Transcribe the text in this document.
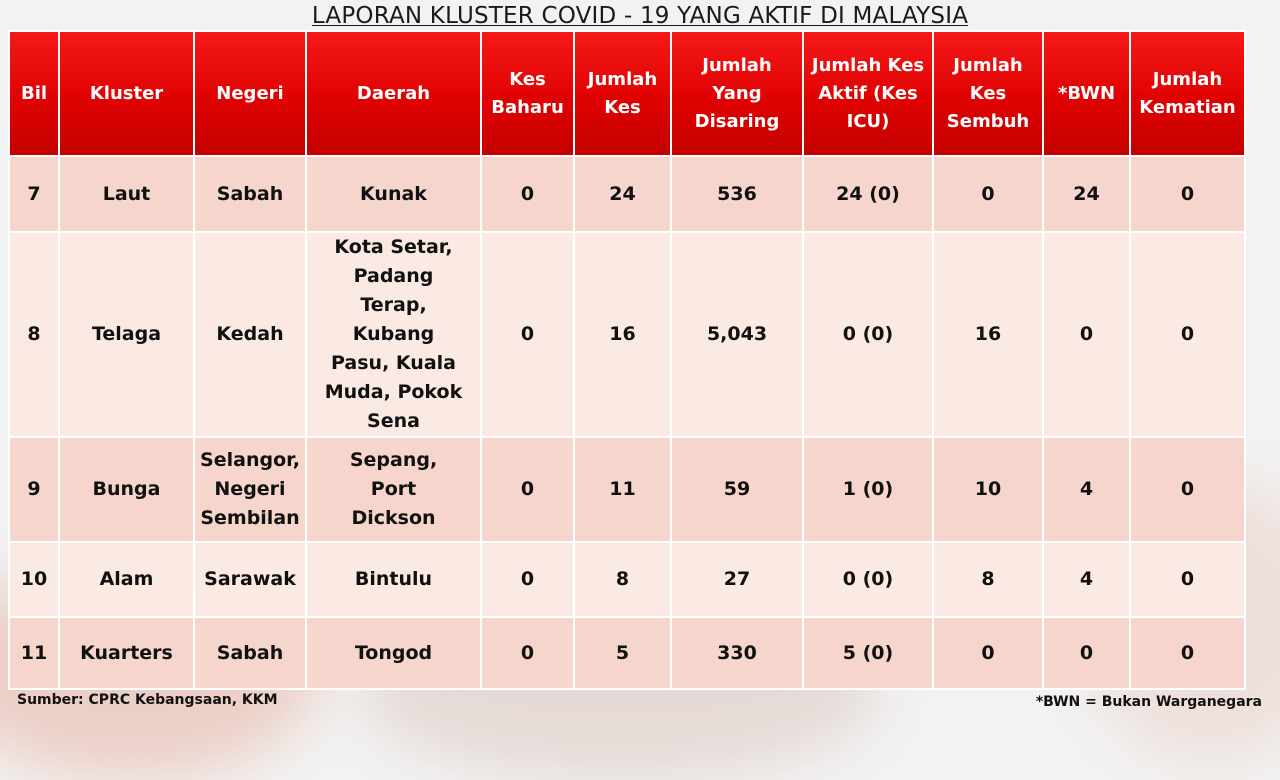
LAPORAN KLUSTER COVID - 19 YANG AKTIF DI MALAYSIA
Bil	Kluster	Negeri	Daerah	Kes Baharu	Jumlah Kes	Jumlah Yang Disaring	Jumlah Kes Aktif (Kes ICU)	Jumlah Kes Sembuh	*BWN	Jumlah Kematian
7	Laut	Sabah	Kunak	0	24	536	24 (0)	0	24	0
8	Telaga	Kedah	Kota Setar, Padang Terap, Kubang Pasu, Kuala Muda, Pokok Sena	0	16	5,043	0 (0)	16	0	0
9	Bunga	Selangor, Negeri Sembilan	Sepang, Port Dickson	0	11	59	1 (0)	10	4	0
10	Alam	Sarawak	Bintulu	0	8	27	0 (0)	8	4	0
11	Kuarters	Sabah	Tongod	0	5	330	5 (0)	0	0	0
Sumber: CPRC Kebangsaan, KKM	*BWN = Bukan Warganegara
